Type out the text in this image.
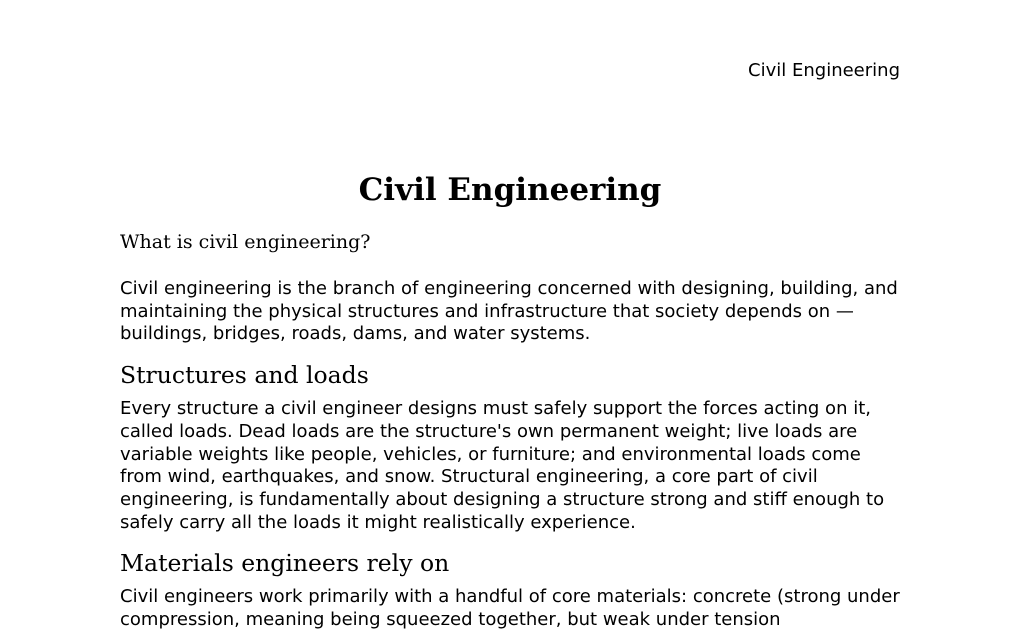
Civil Engineering
Civil Engineering
What is civil engineering?

Civil engineering is the branch of engineering concerned with designing, building, and maintaining the physical structures and infrastructure that society depends on — buildings, bridges, roads, dams, and water systems.

Structures and loads

Every structure a civil engineer designs must safely support the forces acting on it, called loads. Dead loads are the structure's own permanent weight; live loads are variable weights like people, vehicles, or furniture; and environmental loads come from wind, earthquakes, and snow. Structural engineering, a core part of civil engineering, is fundamentally about designing a structure strong and stiff enough to safely carry all the loads it might realistically experience.

Materials engineers rely on

Civil engineers work primarily with a handful of core materials: concrete (strong under compression, meaning being squeezed together, but weak under tension
